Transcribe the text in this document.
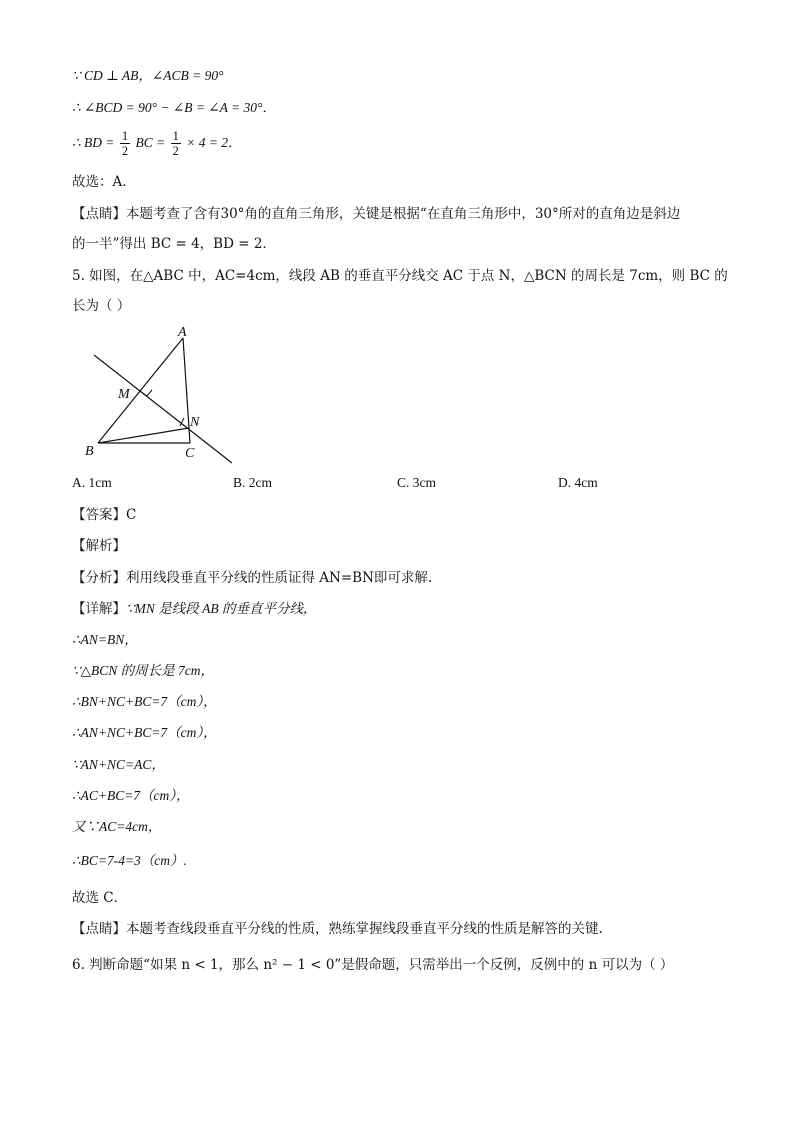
∵ CD ⊥ AB，∠ACB = 90°
∴ ∠BCD = 90° − ∠B = ∠A = 30°．
∴ BD = $\frac{1}{2}$ BC = $\frac{1}{2} \times 4 = 2$．
故选：A．
【点睛】本题考查了含有30°角的直角三角形，关键是根据“在直角三角形中，30°所对的直角边是斜边
的一半”得出 BC = 4，BD = 2．
5. 如图，在△ABC 中，AC=4cm，线段 AB 的垂直平分线交 AC 于点 N，△BCN 的周长是 7cm，则 BC 的
长为（ ）
A
M
N
B	C
A. 1cm	B. 2cm	C. 3cm	D. 4cm
【答案】C
【解析】
【分析】利用线段垂直平分线的性质证得 AN=BN即可求解.
【详解】∵MN 是线段 AB 的垂直平分线，
∴AN=BN，
∵△BCN 的周长是 7cm，
∴BN+NC+BC=7（cm），
∴AN+NC+BC=7（cm），
∵AN+NC=AC，
∴AC+BC=7（cm），
又∵AC=4cm，
∴BC=7-4=3（cm）.
故选 C．
【点睛】本题考查线段垂直平分线的性质，熟练掌握线段垂直平分线的性质是解答的关键.
6. 判断命题“如果 n < 1，那么 n² − 1 < 0”是假命题，只需举出一个反例，反例中的 n 可以为（ ）
